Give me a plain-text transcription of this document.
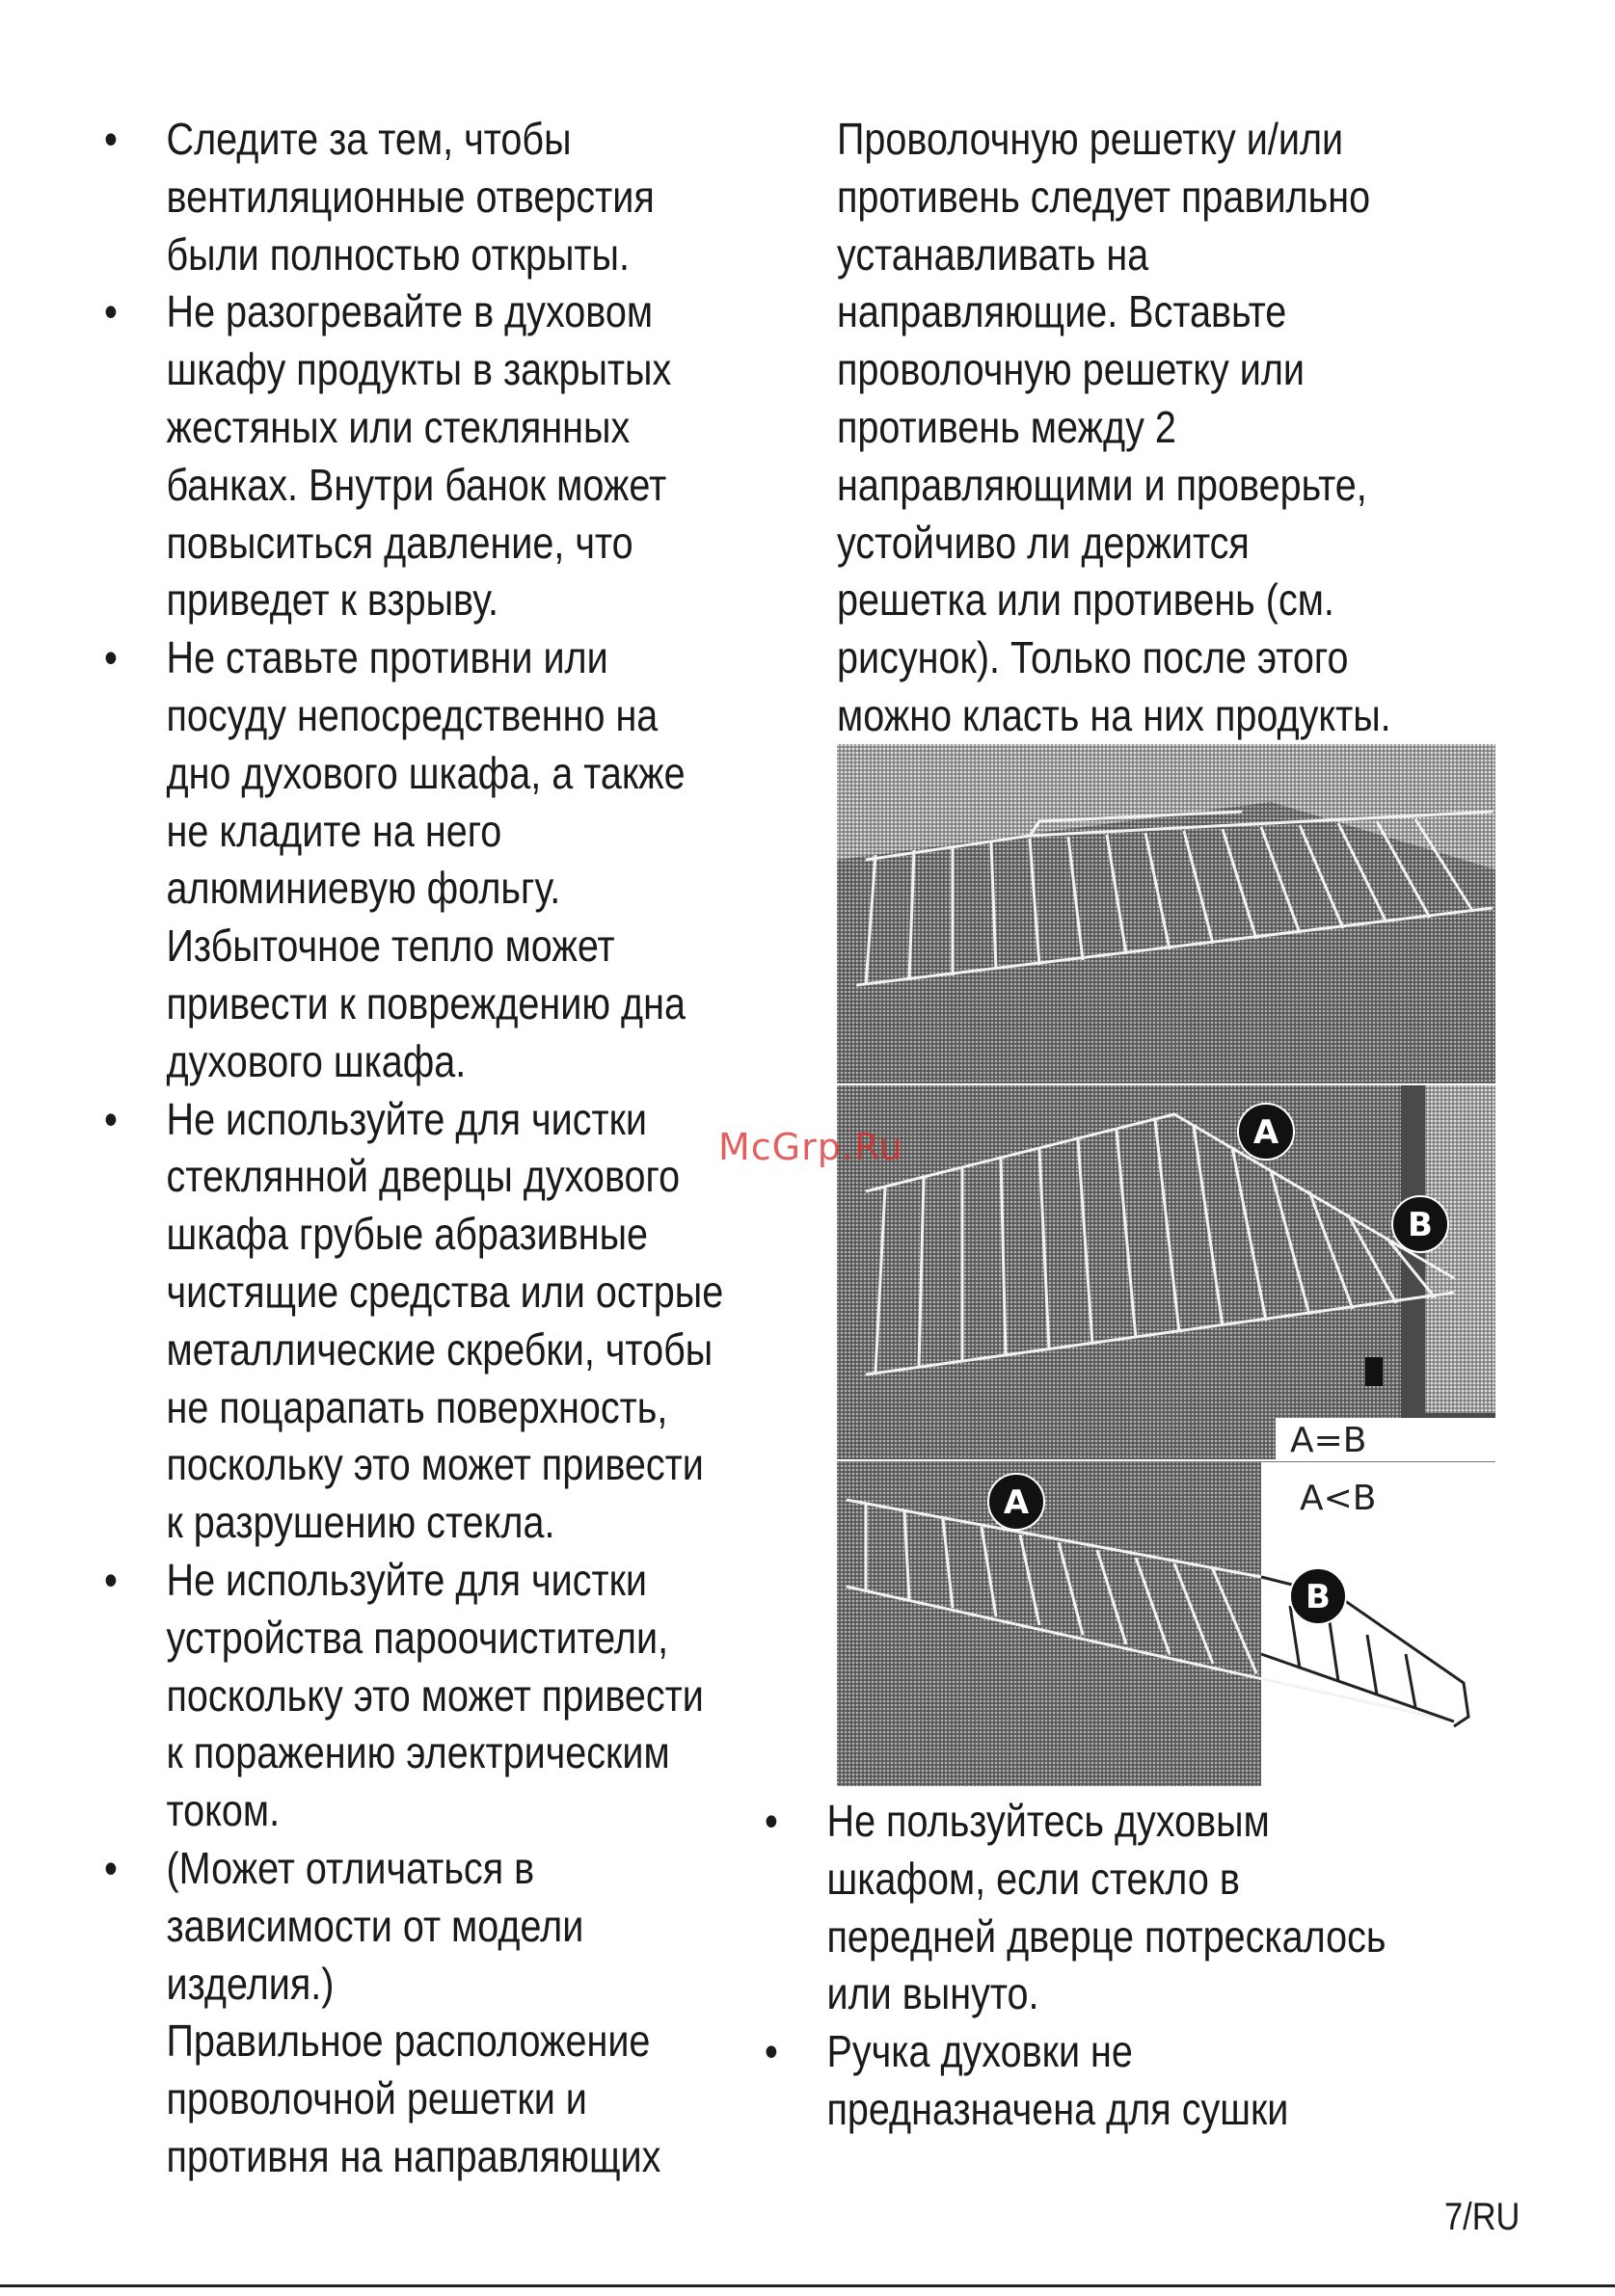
•	Следите за тем, чтобы
вентиляционные отверстия
были полностью открыты.
•	Не разогревайте в духовом
шкафу продукты в закрытых
жестяных или стеклянных
банках. Внутри банок может
повыситься давление, что
приведет к взрыву.
•	Не ставьте противни или
посуду непосредственно на
дно духового шкафа, а также
не кладите на него
алюминиевую фольгу.
Избыточное тепло может
привести к повреждению дна
духового шкафа.
•	Не используйте для чистки
стеклянной дверцы духового
шкафа грубые абразивные
чистящие средства или острые
металлические скребки, чтобы
не поцарапать поверхность,
поскольку это может привести
к разрушению стекла.
•	Не используйте для чистки
устройства пароочистители,
поскольку это может привести
к поражению электрическим
током.
•	(Может отличаться в
зависимости от модели
изделия.)
Правильное расположение
проволочной решетки и
противня на направляющих
Проволочную решетку и/или
противень следует правильно
устанавливать на
направляющие. Вставьте
проволочную решетку или
противень между 2
направляющими и проверьте,
устойчиво ли держится
решетка или противень (см.
рисунок). Только после этого
можно класть на них продукты.
A
B
A=B
A
B
A<B
•	Не пользуйтесь духовым
шкафом, если стекло в
передней дверце потрескалось
или вынуто.
•	Ручка духовки не
предназначена для сушки
McGrp.Ru
7/RU
